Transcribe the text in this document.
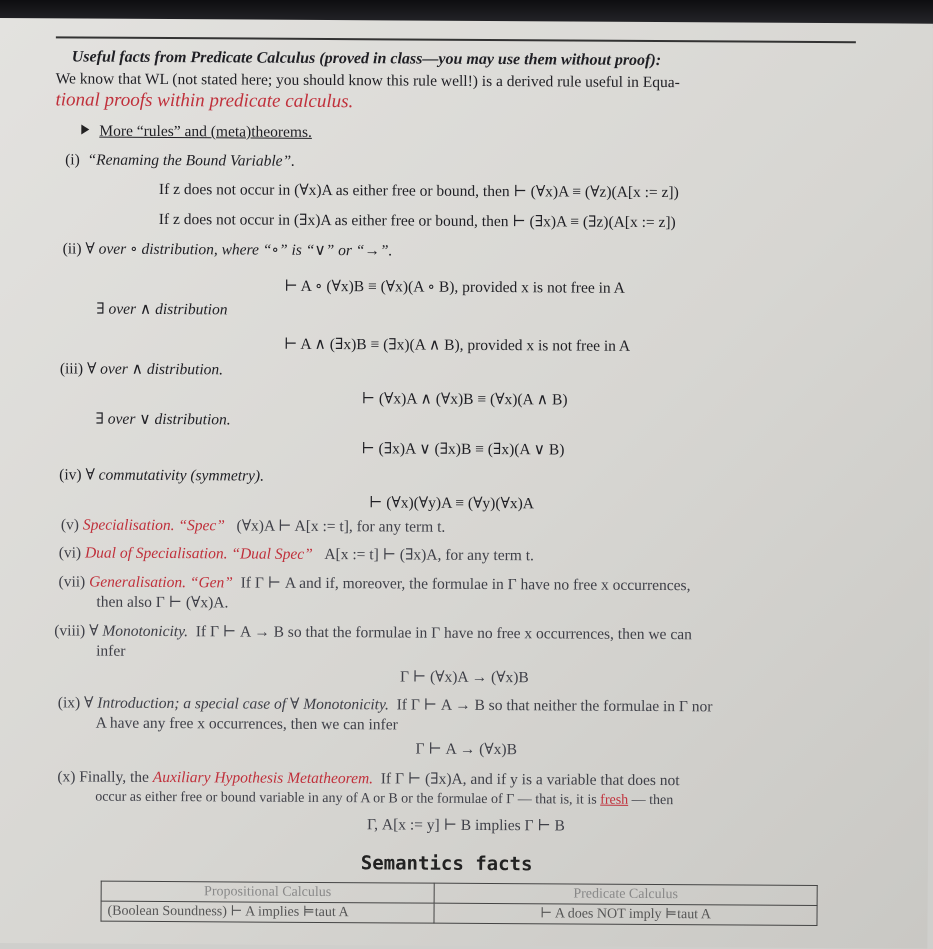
Useful facts from Predicate Calculus (proved in class—you may use them without proof):
We know that WL (not stated here; you should know this rule well!) is a derived rule useful in Equa-
tional proofs within predicate calculus.
More “rules” and (meta)theorems.
(i) “Renaming the Bound Variable”.
If z does not occur in (∀x)A as either free or bound, then ⊢ (∀x)A ≡ (∀z)(A[x := z])
If z does not occur in (∃x)A as either free or bound, then ⊢ (∃x)A ≡ (∃z)(A[x := z])
(ii) ∀ over ∘ distribution, where “∘” is “∨” or “→”.
⊢ A ∘ (∀x)B ≡ (∀x)(A ∘ B), provided x is not free in A
∃ over ∧ distribution
⊢ A ∧ (∃x)B ≡ (∃x)(A ∧ B), provided x is not free in A
(iii) ∀ over ∧ distribution.
⊢ (∀x)A ∧ (∀x)B ≡ (∀x)(A ∧ B)
∃ over ∨ distribution.
⊢ (∃x)A ∨ (∃x)B ≡ (∃x)(A ∨ B)
(iv) ∀ commutativity (symmetry).
⊢ (∀x)(∀y)A ≡ (∀y)(∀x)A
(v) Specialisation. “Spec” (∀x)A ⊢ A[x := t], for any term t.
(vi) Dual of Specialisation. “Dual Spec” A[x := t] ⊢ (∃x)A, for any term t.
(vii) Generalisation. “Gen” If Γ ⊢ A and if, moreover, the formulae in Γ have no free x occurrences,
then also Γ ⊢ (∀x)A.
(viii) ∀ Monotonicity. If Γ ⊢ A → B so that the formulae in Γ have no free x occurrences, then we can
infer
Γ ⊢ (∀x)A → (∀x)B
(ix) ∀ Introduction; a special case of ∀ Monotonicity. If Γ ⊢ A → B so that neither the formulae in Γ nor
A have any free x occurrences, then we can infer
Γ ⊢ A → (∀x)B
(x) Finally, the Auxiliary Hypothesis Metatheorem. If Γ ⊢ (∃x)A, and if y is a variable that does not
occur as either free or bound variable in any of A or B or the formulae of Γ — that is, it is fresh — then
Γ, A[x := y] ⊢ B implies Γ ⊢ B
Semantics facts
Propositional Calculus	Predicate Calculus
(Boolean Soundness) ⊢ A implies ⊨taut A	⊢ A does NOT imply ⊨taut A
